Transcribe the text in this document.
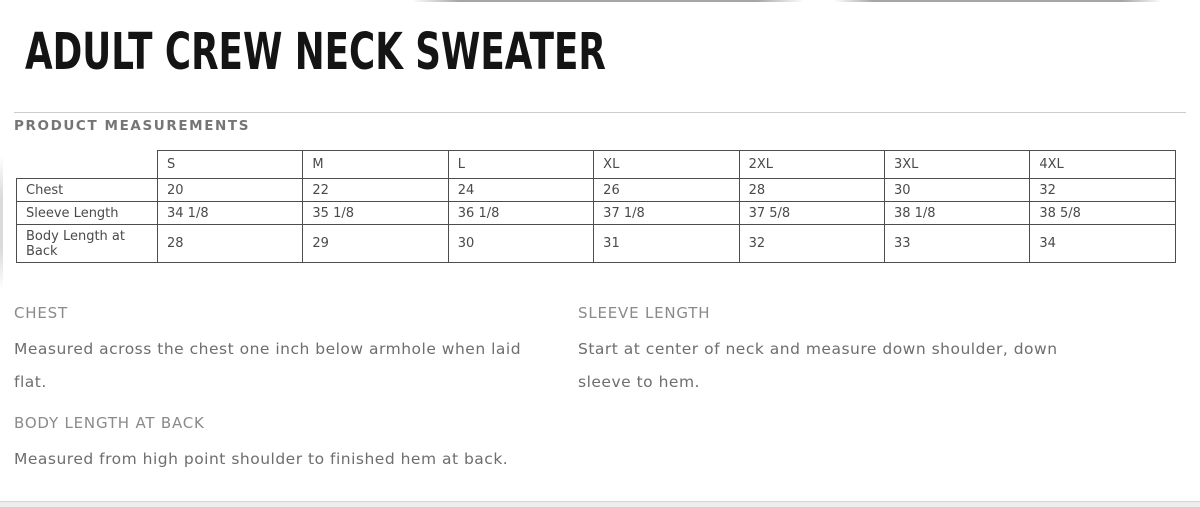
ADULT CREW NECK SWEATER
PRODUCT MEASUREMENTS
	S	M	L	XL	2XL	3XL	4XL
Chest	20	22	24	26	28	30	32
Sleeve Length	34 1/8	35 1/8	36 1/8	37 1/8	37 5/8	38 1/8	38 5/8
Body Length at Back	28	29	30	31	32	33	34
CHEST
Measured across the chest one inch below armhole when laid flat.
SLEEVE LENGTH
Start at center of neck and measure down shoulder, down sleeve to hem.
BODY LENGTH AT BACK
Measured from high point shoulder to finished hem at back.
